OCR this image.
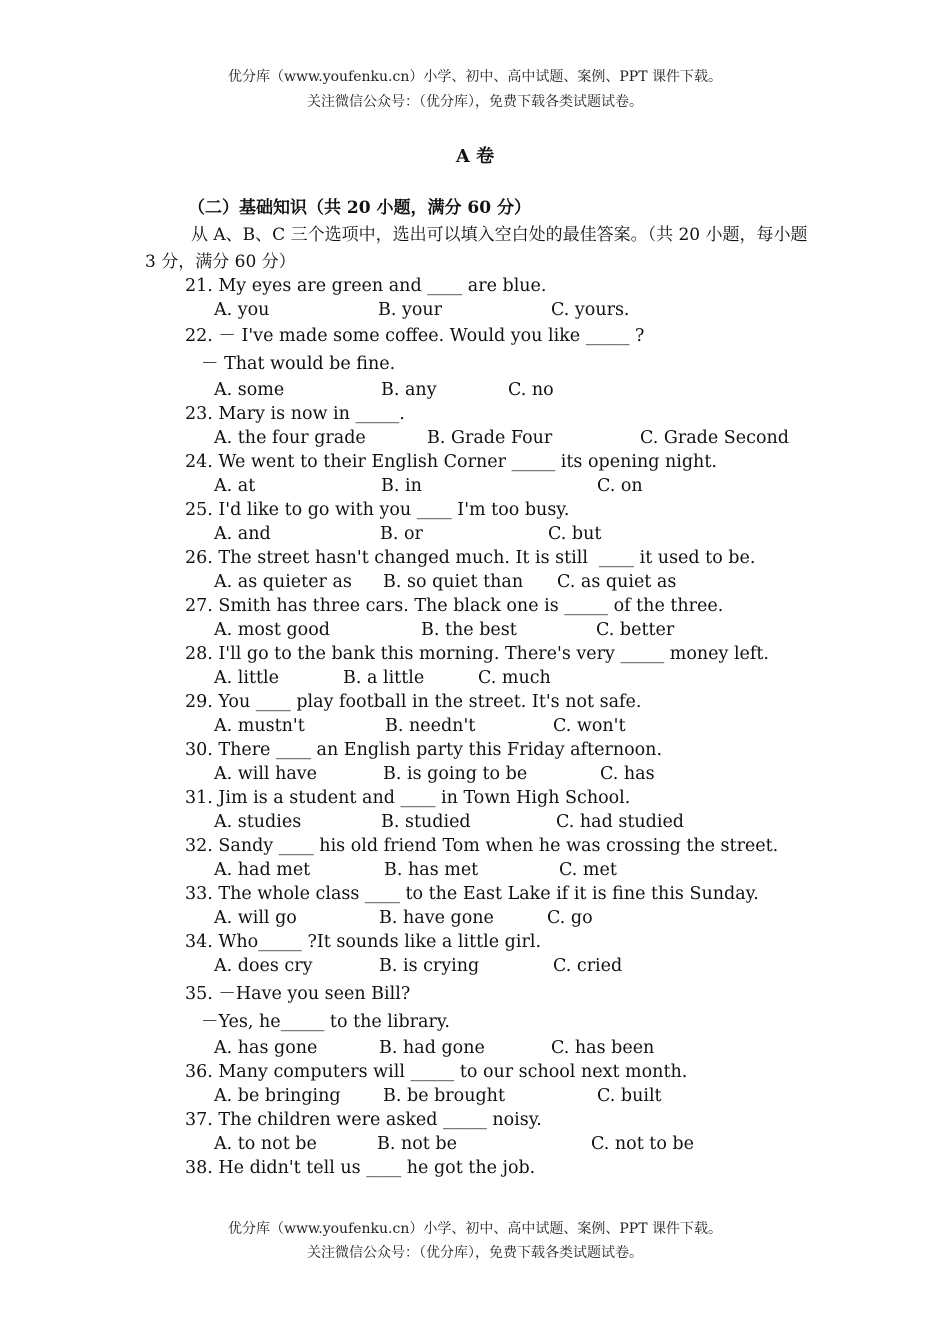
优分库（www.youfenku.cn）小学、初中、高中试题、案例、PPT 课件下载。
关注微信公众号：（优分库），免费下载各类试题试卷。
A 卷
（二）基础知识（共 20 小题，满分 60 分）
从 A、B、C 三个选项中，选出可以填入空白处的最佳答案。（共 20 小题，每小题 3 分，满分 60 分）
21. My eyes are green and ____ are blue.
A. you	B. your	C. yours.
22. － I've made some coffee. Would you like _____ ?
－ That would be fine.
A. some	B. any	C. no
23. Mary is now in _____.
A. the four grade	B. Grade Four	C. Grade Second
24. We went to their English Corner _____ its opening night.
A. at	B. in	C. on
25. I'd like to go with you ____ I'm too busy.
A. and	B. or	C. but
26. The street hasn't changed much. It is still  ____ it used to be.
A. as quieter as B. so quiet than C. as quiet as
27. Smith has three cars. The black one is _____ of the three.
A. most good	B. the best	C. better
28. I'll go to the bank this morning. There's very _____ money left.
A. little	B. a little	C. much
29. You ____ play football in the street. It's not safe.
A. mustn't	B. needn't	C. won't
30. There ____ an English party this Friday afternoon.
A. will have	B. is going to be	C. has
31. Jim is a student and ____ in Town High School.
A. studies	B. studied	C. had studied
32. Sandy ____ his old friend Tom when he was crossing the street.
A. had met	B. has met	C. met
33. The whole class ____ to the East Lake if it is fine this Sunday.
A. will go	B. have gone	C. go
34. Who_____ ?It sounds like a little girl.
A. does cry	B. is crying	C. cried
35. －Have you seen Bill?
－Yes, he_____ to the library.
A. has gone	B. had gone	C. has been
36. Many computers will _____ to our school next month.
A. be bringing B. be brought	C. built
37. The children were asked _____ noisy.
A. to not be	B. not be	C. not to be
38. He didn't tell us ____ he got the job.
优分库（www.youfenku.cn）小学、初中、高中试题、案例、PPT 课件下载。
关注微信公众号：（优分库），免费下载各类试题试卷。
